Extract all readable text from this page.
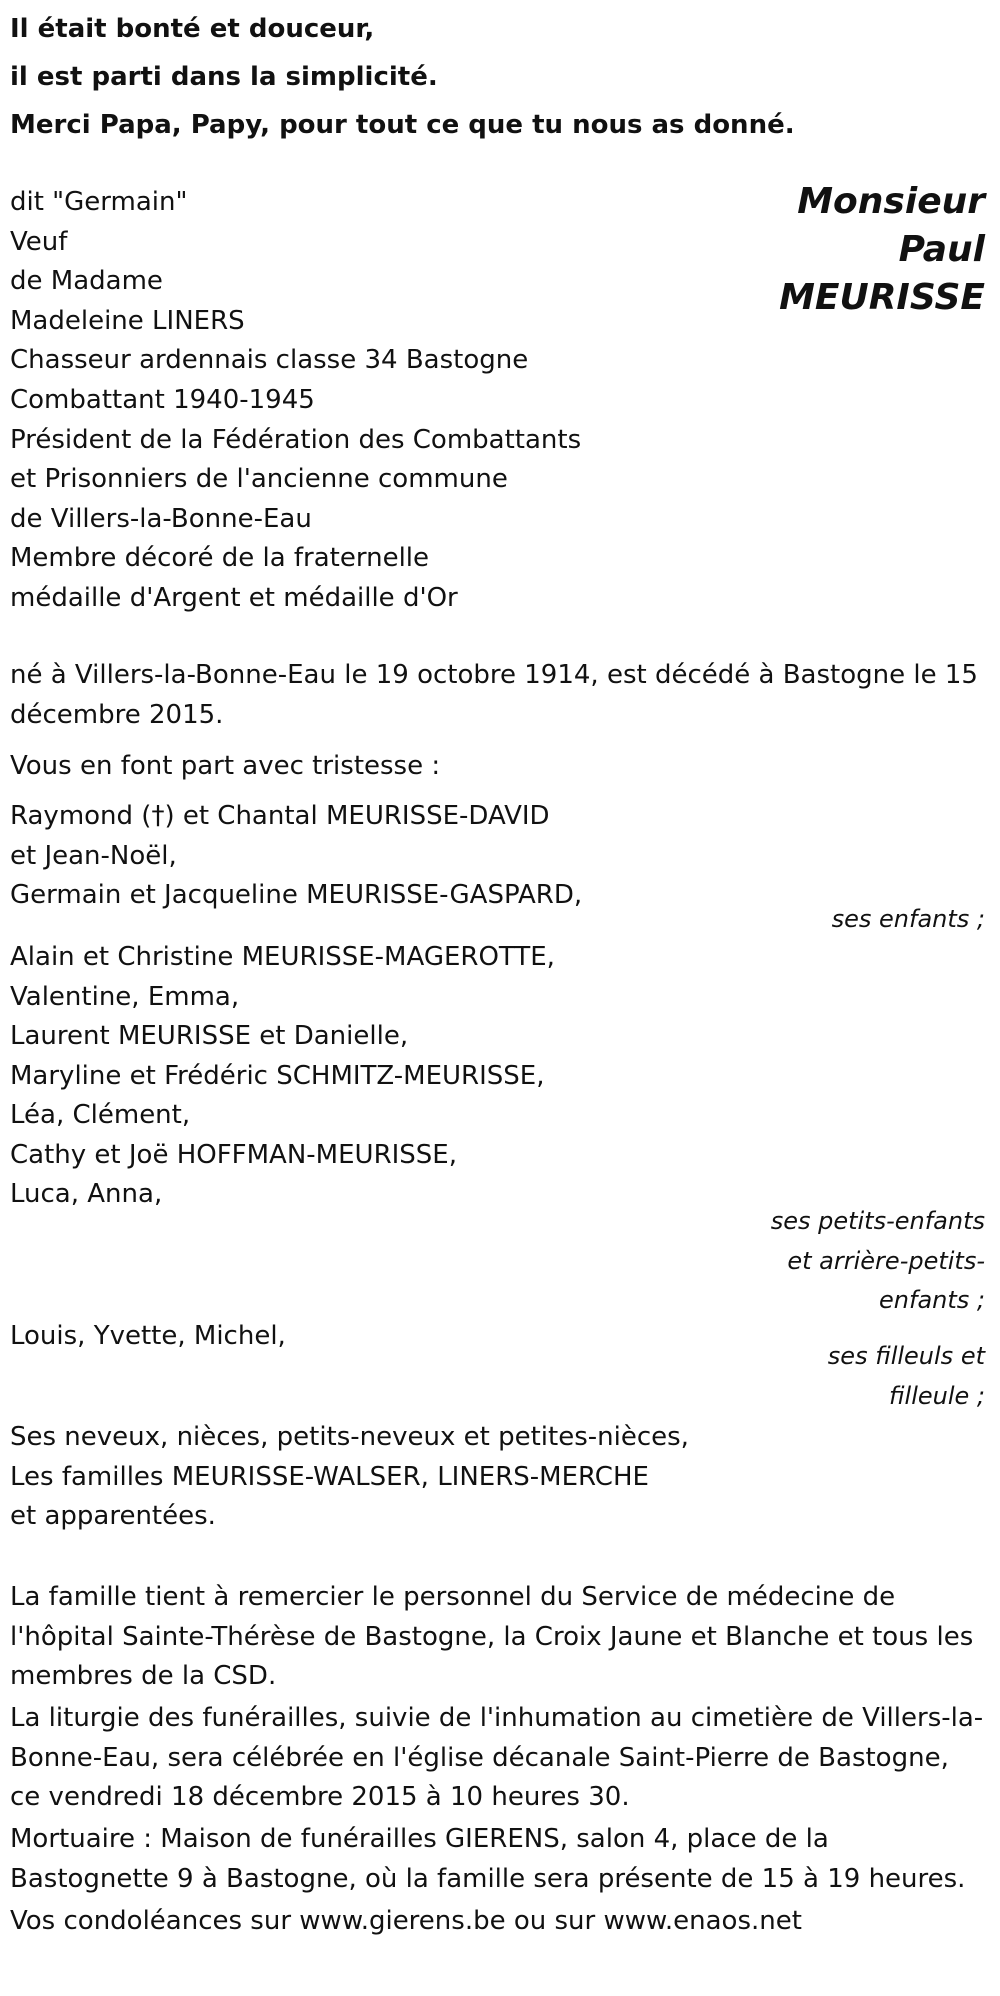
Il était bonté et douceur,
il est parti dans la simplicité.
Merci Papa, Papy, pour tout ce que tu nous as donné.
Monsieur
Paul
MEURISSE
dit "Germain"
Veuf
de Madame
Madeleine LINERS
Chasseur ardennais classe 34 Bastogne
Combattant 1940-1945
Président de la Fédération des Combattants
et Prisonniers de l'ancienne commune
de Villers-la-Bonne-Eau
Membre décoré de la fraternelle
médaille d'Argent et médaille d'Or
né à Villers-la-Bonne-Eau le 19 octobre 1914, est décédé à Bastogne le 15 décembre 2015.
Vous en font part avec tristesse :
Raymond (†) et Chantal MEURISSE-DAVID
et Jean-Noël,
Germain et Jacqueline MEURISSE-GASPARD,
ses enfants ;
Alain et Christine MEURISSE-MAGEROTTE,
Valentine, Emma,
Laurent MEURISSE et Danielle,
Maryline et Frédéric SCHMITZ-MEURISSE,
Léa, Clément,
Cathy et Joë HOFFMAN-MEURISSE,
Luca, Anna,
ses petits-enfants
et arrière-petits-
enfants ;
Louis, Yvette, Michel,
ses filleuls et
filleule ;
Ses neveux, nièces, petits-neveux et petites-nièces,
Les familles MEURISSE-WALSER, LINERS-MERCHE
et apparentées.
La famille tient à remercier le personnel du Service de médecine de l'hôpital Sainte-Thérèse de Bastogne, la Croix Jaune et Blanche et tous les membres de la CSD.
La liturgie des funérailles, suivie de l'inhumation au cimetière de Villers-la-Bonne-Eau, sera célébrée en l'église décanale Saint-Pierre de Bastogne, ce vendredi 18 décembre 2015 à 10 heures 30.
Mortuaire : Maison de funérailles GIERENS, salon 4, place de la Bastognette 9 à Bastogne, où la famille sera présente de 15 à 19 heures.
Vos condoléances sur www.gierens.be ou sur www.enaos.net
